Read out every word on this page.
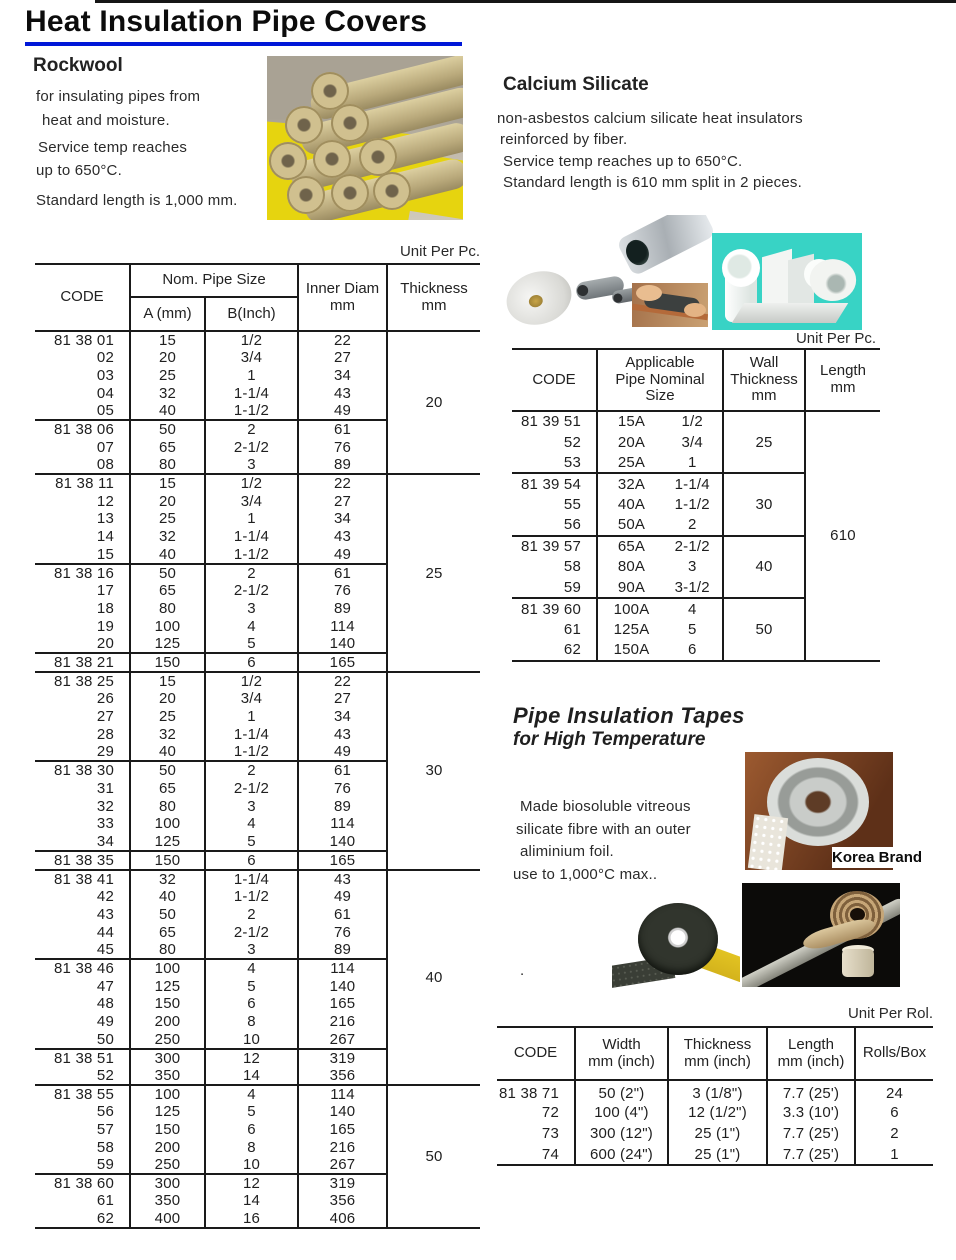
Heat Insulation Pipe Covers
Rockwool
for insulating pipes from
heat and moisture.
Service temp reaches
up to 650°C.
Standard length is 1,000 mm.
Unit Per Pc.
CODE	Nom. Pipe Size	
Inner Diam
mm

Thickness
mm

	A (mm)	B(Inch)		
81 38 01	15	1/2	22	20
02	20	3/4	27	
03	25	1	34	
04	32	1-1/4	43	
05	40	1-1/2	49	
81 38 06	50	2	61	
07	65	2-1/2	76	
08	80	3	89	
81 38 11	15	1/2	22	25
12	20	3/4	27	
13	25	1	34	
14	32	1-1/4	43	
15	40	1-1/2	49	
81 38 16	50	2	61	
17	65	2-1/2	76	
18	80	3	89	
19	100	4	114	
20	125	5	140	
81 38 21	150	6	165	
81 38 25	15	1/2	22	30
26	20	3/4	27	
27	25	1	34	
28	32	1-1/4	43	
29	40	1-1/2	49	
81 38 30	50	2	61	
31	65	2-1/2	76	
32	80	3	89	
33	100	4	114	
34	125	5	140	
81 38 35	150	6	165	
81 38 41	32	1-1/4	43	40
42	40	1-1/2	49	
43	50	2	61	
44	65	2-1/2	76	
45	80	3	89	
81 38 46	100	4	114	
47	125	5	140	
48	150	6	165	
49	200	8	216	
50	250	10	267	
81 38 51	300	12	319	
52	350	14	356	
81 38 55	100	4	114	50
56	125	5	140	
57	150	6	165	
58	200	8	216	
59	250	10	267	
81 38 60	300	12	319	
61	350	14	356	
62	400	16	406	
Calcium Silicate
non-asbestos calcium silicate heat insulators
reinforced by fiber.
Service temp reaches up to 650°C.
Standard length is 610 mm split in 2 pieces.
Unit Per Pc.
CODE	
Applicable
Pipe Nominal
Size

Wall
Thickness
mm

Length
mm

81 39 51	15A 1/2	25	610
52	20A 3/4		
53	25A 1		
81 39 54	32A 1-1/4	30	
55	40A 1-1/2		
56	50A 2		
81 39 57	65A 2-1/2	40	
58	80A 3		
59	90A 3-1/2		
81 39 60	100A 4	50	
61	125A 5		
62	150A 6		
Pipe Insulation Tapes
for High Temperature
Made biosoluble vitreous
silicate fibre with an outer
aliminium foil.
use to 1,000°C max..
.
Korea Brand
Unit Per Rol.
CODE	Width
mm (inch)

Thickness
mm (inch)

Length
mm (inch)	Rolls/Box
81 38 71	50 (2")	3 (1/8")	7.7 (25')	24
72	100 (4")	12 (1/2")	3.3 (10')	6
73	300 (12")	25 (1")	7.7 (25')	2
74	600 (24")	25 (1")	7.7 (25')	1
